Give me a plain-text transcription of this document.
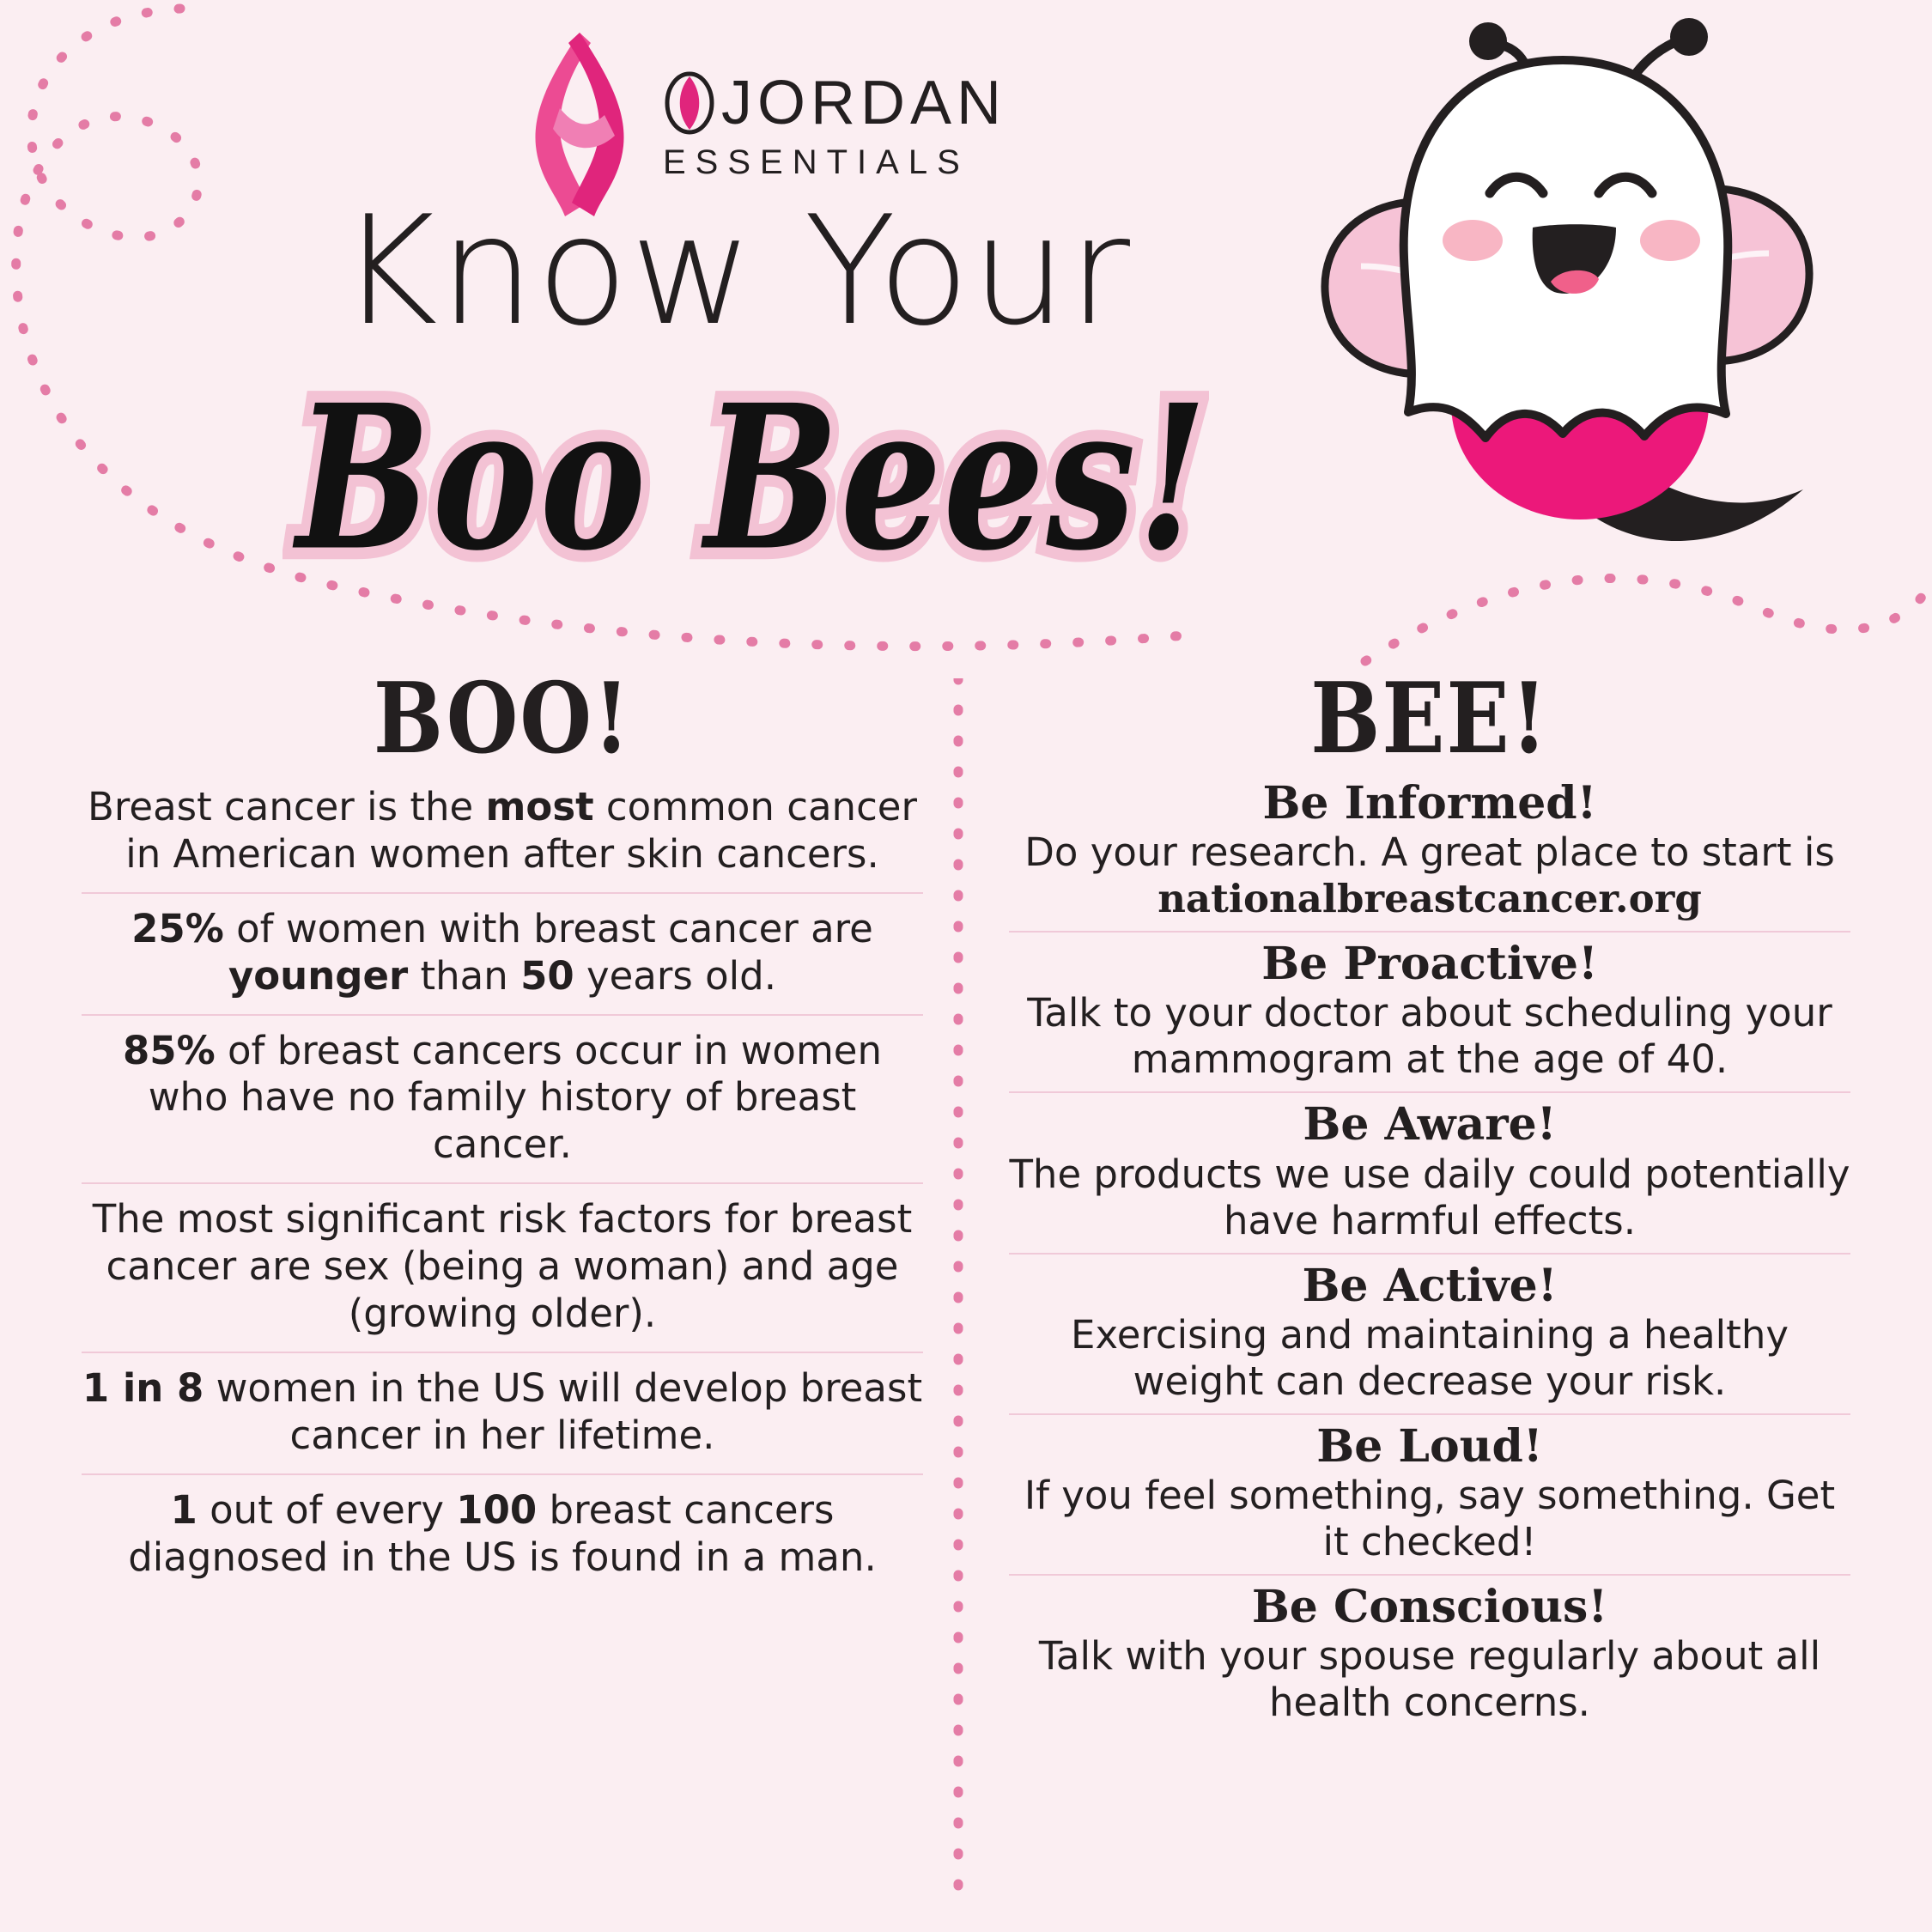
JORDAN
ESSENTIALS
Know Your
Boo Bees!
BOO!
Breast cancer is the most common cancer in American women after skin cancers.
25% of women with breast cancer are younger than 50 years old.
85% of breast cancers occur in women who have no family history of breast cancer.
The most significant risk factors for breast cancer are sex (being a woman) and age (growing older).
1 in 8 women in the US will develop breast cancer in her lifetime.
1 out of every 100 breast cancers diagnosed in the US is found in a man.
BEE!
Be Informed!
Do your research. A great place to start is nationalbreastcancer.org
Be Proactive!
Talk to your doctor about scheduling your mammogram at the age of 40.
Be Aware!
The products we use daily could potentially have harmful effects.
Be Active!
Exercising and maintaining a healthy weight can decrease your risk.
Be Loud!
If you feel something, say something. Get it checked!
Be Conscious!
Talk with your spouse regularly about all health concerns.
